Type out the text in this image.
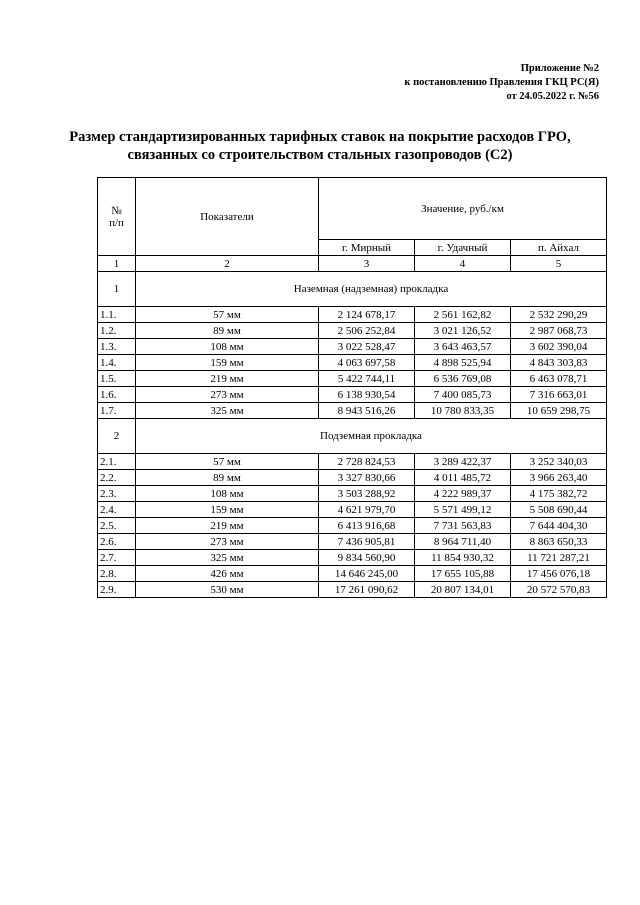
Приложение №2
к постановлению Правления ГКЦ РС(Я)
от 24.05.2022 г. №56
Размер стандартизированных тарифных ставок на покрытие расходов ГРО,
связанных со строительством стальных газопроводов (С2)
№
п/п	Показатели	Значение, руб./км		
		г. Мирный	г. Удачный	п. Айхал
1	2	3	4	5
1	Наземная (надземная) прокладка			
1.1.	57 мм	2 124 678,17	2 561 162,82	2 532 290,29
1.2.	89 мм	2 506 252,84	3 021 126,52	2 987 068,73
1.3.	108 мм	3 022 528,47	3 643 463,57	3 602 390,04
1.4.	159 мм	4 063 697,58	4 898 525,94	4 843 303,83
1.5.	219 мм	5 422 744,11	6 536 769,08	6 463 078,71
1.6.	273 мм	6 138 930,54	7 400 085,73	7 316 663,01
1.7.	325 мм	8 943 516,26	10 780 833,35	10 659 298,75
2	Подземная прокладка			
2.1.	57 мм	2 728 824,53	3 289 422,37	3 252 340,03
2.2.	89 мм	3 327 830,66	4 011 485,72	3 966 263,40
2.3.	108 мм	3 503 288,92	4 222 989,37	4 175 382,72
2.4.	159 мм	4 621 979,70	5 571 499,12	5 508 690,44
2.5.	219 мм	6 413 916,68	7 731 563,83	7 644 404,30
2.6.	273 мм	7 436 905,81	8 964 711,40	8 863 650,33
2.7.	325 мм	9 834 560,90	11 854 930,32	11 721 287,21
2.8.	426 мм	14 646 245,00	17 655 105,88	17 456 076,18
2.9.	530 мм	17 261 090,62	20 807 134,01	20 572 570,83
